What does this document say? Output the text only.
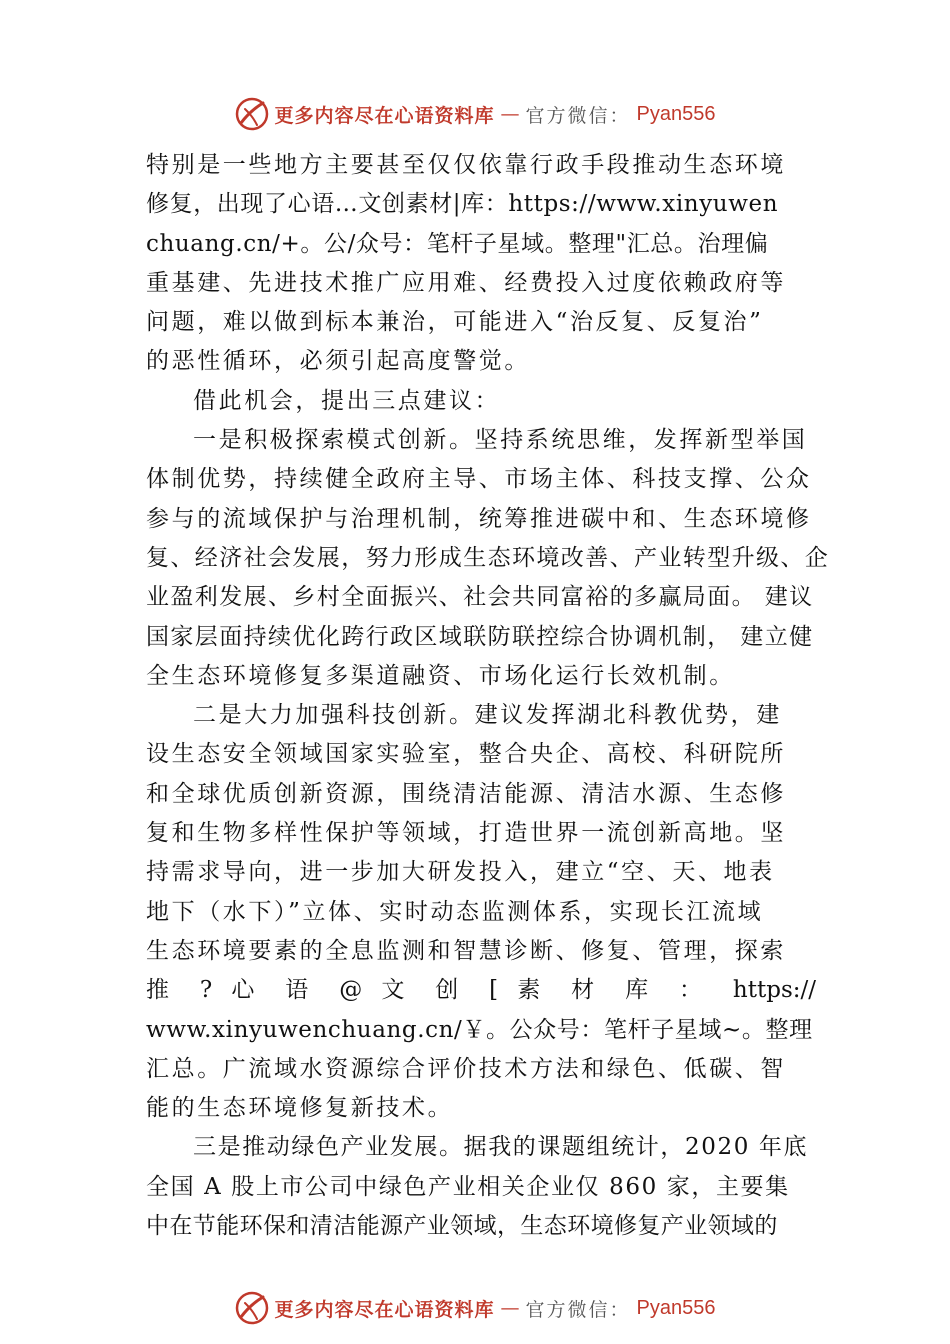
更多内容尽在心语资料库 — 官方微信： Pyan556
特别是一些地方主要甚至仅仅依靠行政手段推动生态环境
修复，出现了心语…文创素材|库：https://www.xinyuwen
chuang.cn/+。公/众号：笔杆子星域。整理"汇总。治理偏
重基建、先进技术推广应用难、经费投入过度依赖政府等
问题，难以做到标本兼治，可能进入“治反复、反复治”
的恶性循环，必须引起高度警觉。
借此机会，提出三点建议：
一是积极探索模式创新。坚持系统思维，发挥新型举国
体制优势，持续健全政府主导、市场主体、科技支撑、公众
参与的流域保护与治理机制，统筹推进碳中和、生态环境修
复、经济社会发展，努力形成生态环境改善、产业转型升级、企
业盈利发展、乡村全面振兴、社会共同富裕的多赢局面。 建议
国家层面持续优化跨行政区域联防联控综合协调机制， 建立健
全生态环境修复多渠道融资、市场化运行长效机制。
二是大力加强科技创新。建议发挥湖北科教优势，建
设生态安全领域国家实验室，整合央企、高校、科研院所
和全球优质创新资源，围绕清洁能源、清洁水源、生态修
复和生物多样性保护等领域，打造世界一流创新高地。坚
持需求导向，进一步加大研发投入，建立“空、天、地表
地下（水下）”立体、实时动态监测体系，实现长江流域
生态环境要素的全息监测和智慧诊断、修复、管理，探索
推 ? 心 语 @ 文 创 [ 素 材 库 ： https://
www.xinyuwenchuang.cn/￥。公众号：笔杆子星域~。整理
汇总。广流域水资源综合评价技术方法和绿色、低碳、智
能的生态环境修复新技术。
三是推动绿色产业发展。据我的课题组统计，2020 年底
全国 A 股上市公司中绿色产业相关企业仅 860 家，主要集
中在节能环保和清洁能源产业领域，生态环境修复产业领域的
更多内容尽在心语资料库 — 官方微信： Pyan556
